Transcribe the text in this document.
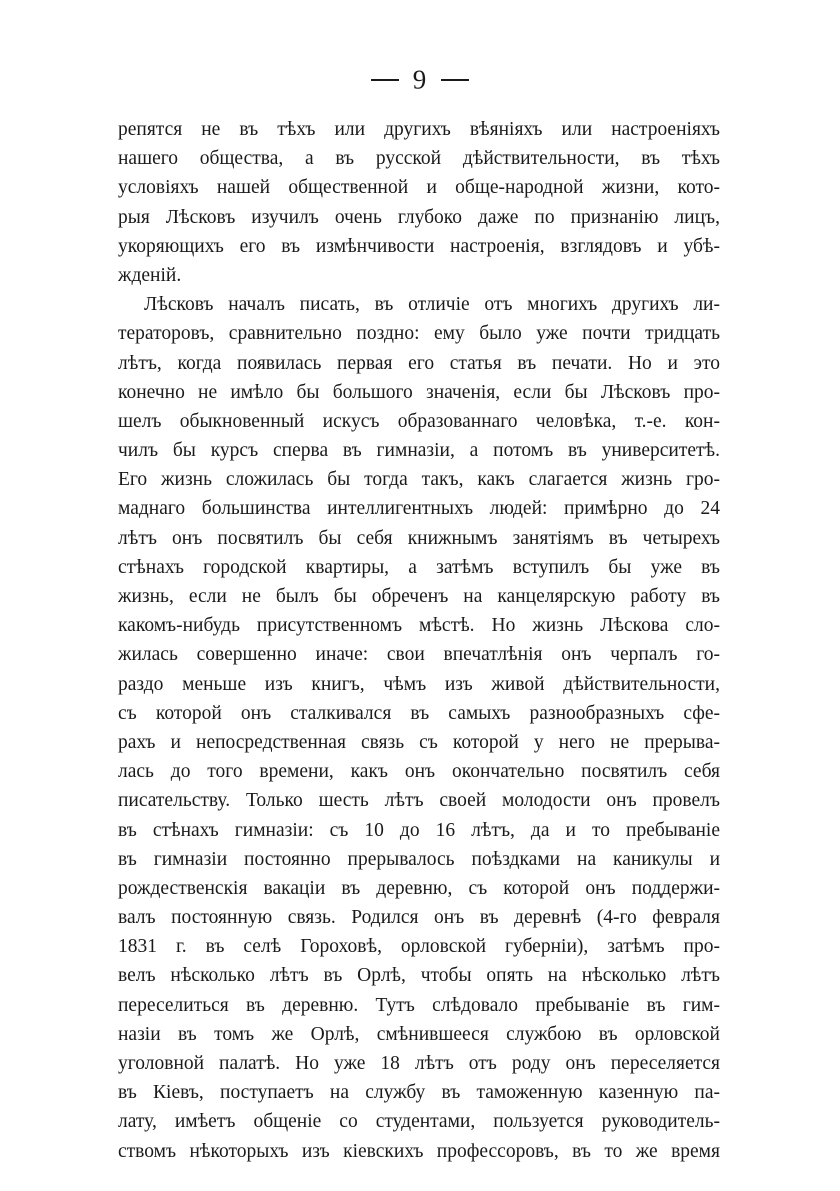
9
репятся не въ тѣхъ или другихъ вѣяніяхъ или настроеніяхъ
нашего общества, а въ русской дѣйствительности, въ тѣхъ
условіяхъ нашей общественной и обще-народной жизни, кото-
рыя Лѣсковъ изучилъ очень глубоко даже по признанію лицъ,
укоряющихъ его въ измѣнчивости настроенія, взглядовъ и убѣ-
жденій.
Лѣсковъ началъ писать, въ отличіе отъ многихъ другихъ ли-
тераторовъ, сравнительно поздно: ему было уже почти тридцать
лѣтъ, когда появилась первая его статья въ печати. Но и это
конечно не имѣло бы большого значенія, если бы Лѣсковъ про-
шелъ обыкновенный искусъ образованнаго человѣка, т.-е. кон-
чилъ бы курсъ сперва въ гимназіи, а потомъ въ университетѣ.
Его жизнь сложилась бы тогда такъ, какъ слагается жизнь гро-
маднаго большинства интеллигентныхъ людей: примѣрно до 24
лѣтъ онъ посвятилъ бы себя книжнымъ занятіямъ въ четырехъ
стѣнахъ городской квартиры, а затѣмъ вступилъ бы уже въ
жизнь, если не былъ бы обреченъ на канцелярскую работу въ
какомъ-нибудь присутственномъ мѣстѣ. Но жизнь Лѣскова сло-
жилась совершенно иначе: свои впечатлѣнія онъ черпалъ го-
раздо меньше изъ книгъ, чѣмъ изъ живой дѣйствительности,
съ которой онъ сталкивался въ самыхъ разнообразныхъ сфе-
рахъ и непосредственная связь съ которой у него не прерыва-
лась до того времени, какъ онъ окончательно посвятилъ себя
писательству. Только шесть лѣтъ своей молодости онъ провелъ
въ стѣнахъ гимназіи: съ 10 до 16 лѣтъ, да и то пребываніе
въ гимназіи постоянно прерывалось поѣздками на каникулы и
рождественскія вакаціи въ деревню, съ которой онъ поддержи-
валъ постоянную связь. Родился онъ въ деревнѣ (4-го февраля
1831 г. въ селѣ Гороховѣ, орловской губерніи), затѣмъ про-
велъ нѣсколько лѣтъ въ Орлѣ, чтобы опять на нѣсколько лѣтъ
переселиться въ деревню. Тутъ слѣдовало пребываніе въ гим-
назіи въ томъ же Орлѣ, смѣнившееся службою въ орловской
уголовной палатѣ. Но уже 18 лѣтъ отъ роду онъ переселяется
въ Кіевъ, поступаетъ на службу въ таможенную казенную па-
лату, имѣетъ общеніе со студентами, пользуется руководитель-
ствомъ нѣкоторыхъ изъ кіевскихъ профессоровъ, въ то же время
